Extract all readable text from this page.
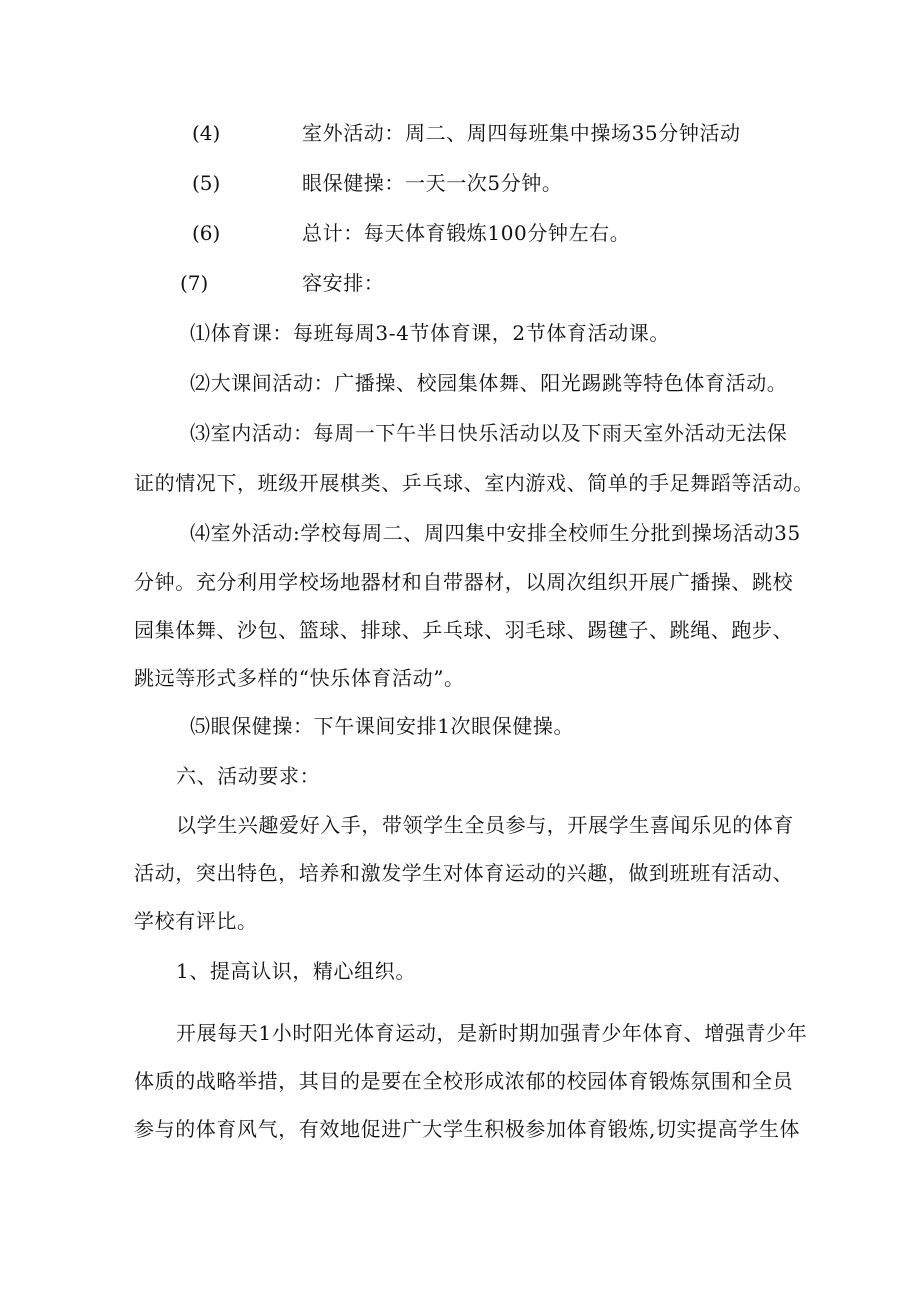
(4)	室外活动：周二、周四每班集中操场35分钟活动
(5)	眼保健操：一天一次5分钟。
(6)	总计：每天体育锻炼100分钟左右。
(7)	容安排：
⑴体育课：每班每周3-4节体育课，2节体育活动课。
⑵大课间活动：广播操、校园集体舞、阳光踢跳等特色体育活动。
⑶室内活动：每周一下午半日快乐活动以及下雨天室外活动无法保
证的情况下，班级开展棋类、乒乓球、室内游戏、简单的手足舞蹈等活动。
⑷室外活动:学校每周二、周四集中安排全校师生分批到操场活动35
分钟。充分利用学校场地器材和自带器材，以周次组织开展广播操、跳校
园集体舞、沙包、篮球、排球、乒乓球、羽毛球、踢毽子、跳绳、跑步、
跳远等形式多样的“快乐体育活动”。
⑸眼保健操：下午课间安排1次眼保健操。
六、活动要求：
以学生兴趣爱好入手，带领学生全员参与，开展学生喜闻乐见的体育
活动，突出特色，培养和激发学生对体育运动的兴趣，做到班班有活动、
学校有评比。
1、提高认识，精心组织。
开展每天1小时阳光体育运动，是新时期加强青少年体育、增强青少年
体质的战略举措，其目的是要在全校形成浓郁的校园体育锻炼氛围和全员
参与的体育风气，有效地促进广大学生积极参加体育锻炼,切实提高学生体
